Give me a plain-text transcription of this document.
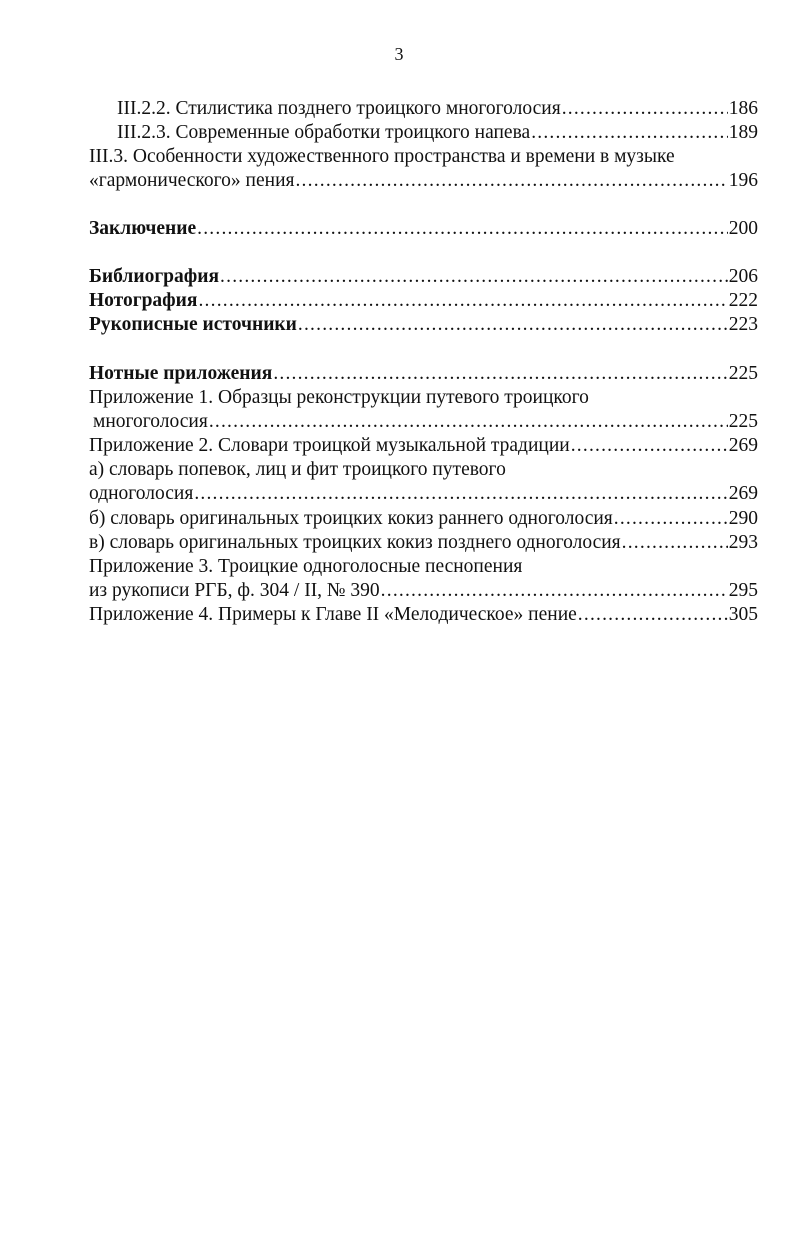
3
III.2.2. Стилистика позднего троицкого многоголосия .....	186
III.2.3. Современные обработки троицкого напева .....	189
III.3. Особенности художественного пространства и времени в музыке
«гармонического» пения .....	196
Заключение .....	200
Библиография .....	206
Нотография .....	222
Рукописные источники .....	223
Нотные приложения .....	225
Приложение 1. Образцы реконструкции путевого троицкого
многоголосия .....	225
Приложение 2. Словари троицкой музыкальной традиции .....	269
а) словарь попевок, лиц и фит троицкого путевого
одноголосия .....	269
б) словарь оригинальных троицких кокиз раннего одноголосия .....	290
в) словарь оригинальных троицких кокиз позднего одноголосия .....	293
Приложение 3. Троицкие одноголосные песнопения
из рукописи РГБ, ф. 304 / II, № 390 .....	295
Приложение 4. Примеры к Главе II «Мелодическое» пение .....	305
